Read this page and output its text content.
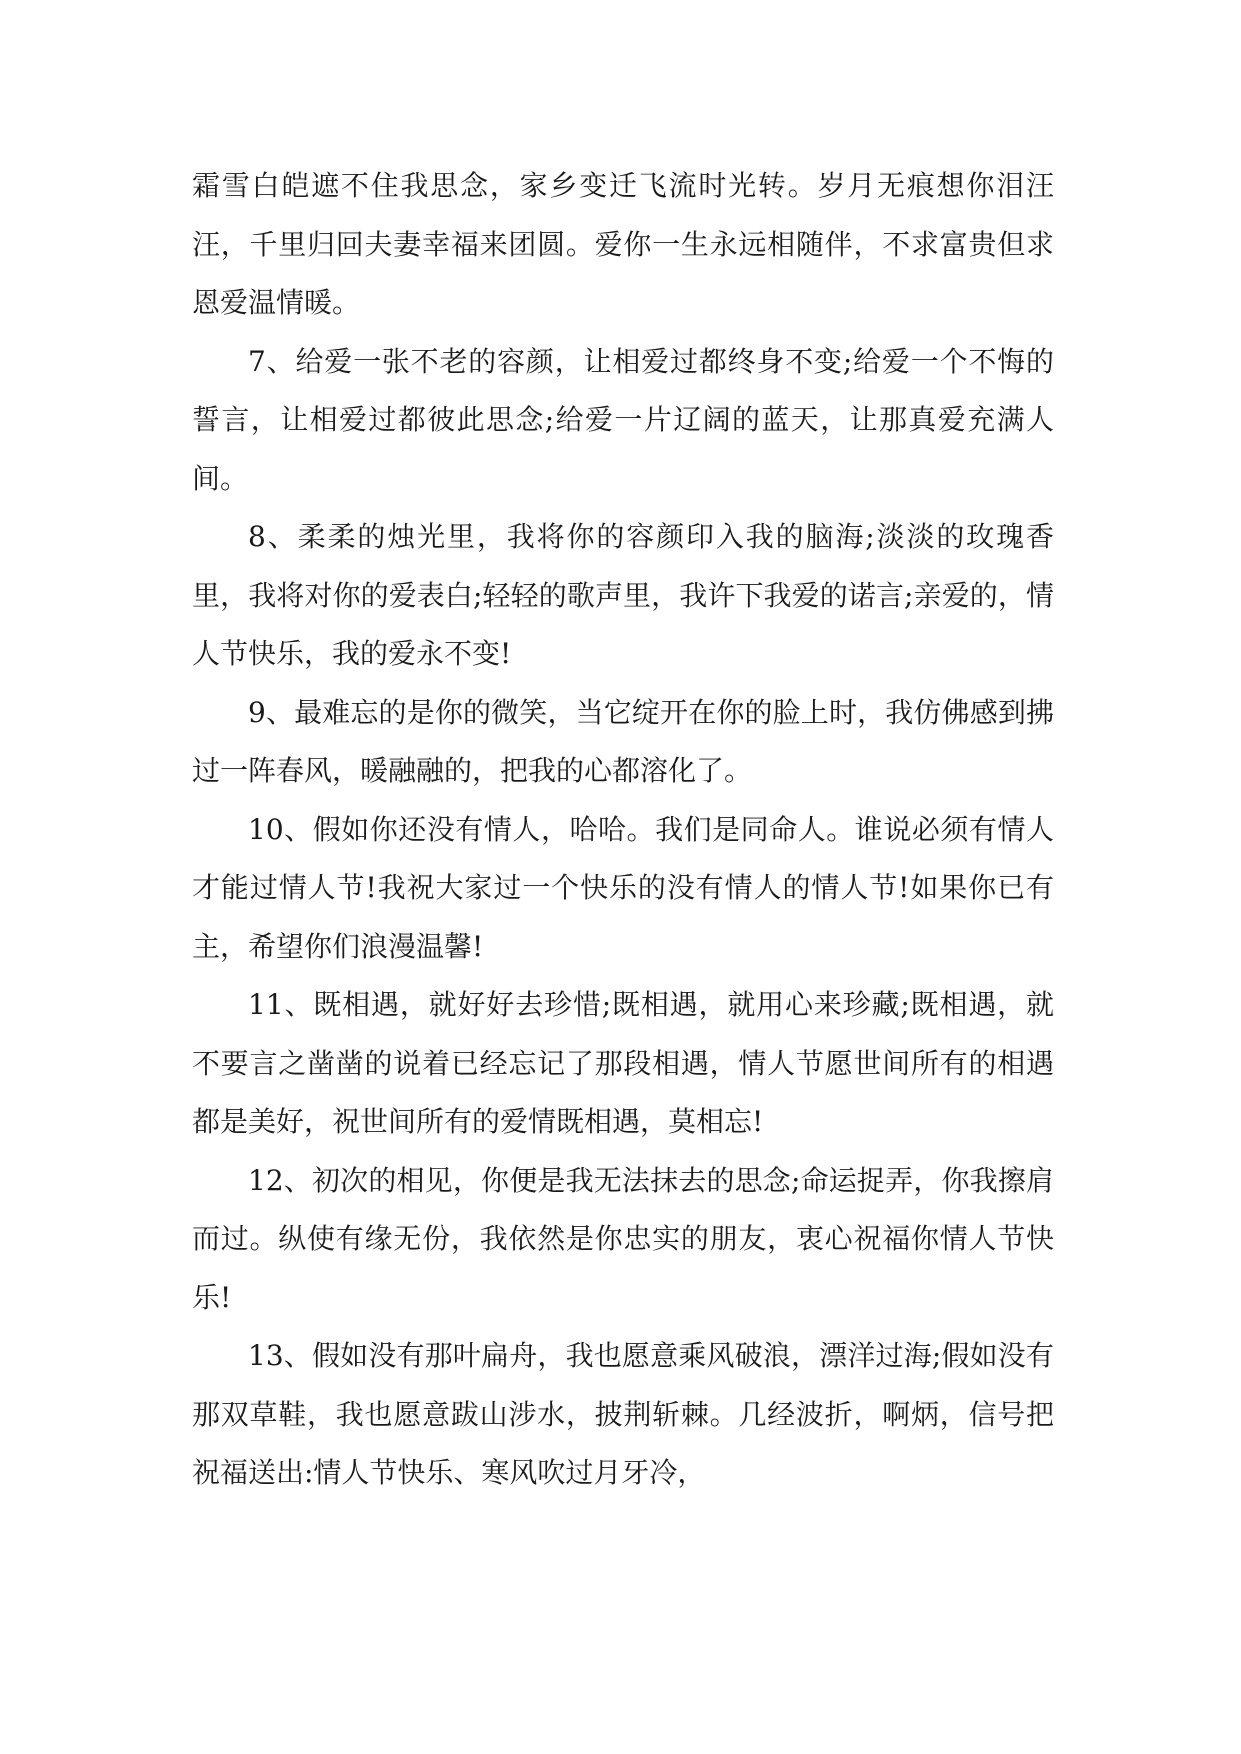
霜雪白皑遮不住我思念，家乡变迁飞流时光转。岁月无痕想你泪汪汪，千里归回夫妻幸福来团圆。爱你一生永远相随伴，不求富贵但求恩爱温情暖。

7、给爱一张不老的容颜，让相爱过都终身不变;给爱一个不悔的誓言，让相爱过都彼此思念;给爱一片辽阔的蓝天，让那真爱充满人间。

8、柔柔的烛光里，我将你的容颜印入我的脑海;淡淡的玫瑰香里，我将对你的爱表白;轻轻的歌声里，我许下我爱的诺言;亲爱的，情人节快乐，我的爱永不变!

9、最难忘的是你的微笑，当它绽开在你的脸上时，我仿佛感到拂过一阵春风，暖融融的，把我的心都溶化了。

10、假如你还没有情人，哈哈。我们是同命人。谁说必须有情人才能过情人节!我祝大家过一个快乐的没有情人的情人节!如果你已有主，希望你们浪漫温馨!

11、既相遇，就好好去珍惜;既相遇，就用心来珍藏;既相遇，就不要言之凿凿的说着已经忘记了那段相遇，情人节愿世间所有的相遇都是美好，祝世间所有的爱情既相遇，莫相忘!

12、初次的相见，你便是我无法抹去的思念;命运捉弄，你我擦肩而过。纵使有缘无份，我依然是你忠实的朋友，衷心祝福你情人节快乐!

13、假如没有那叶扁舟，我也愿意乘风破浪，漂洋过海;假如没有那双草鞋，我也愿意跋山涉水，披荆斩棘。几经波折，啊炳，信号把祝福送出:情人节快乐、寒风吹过月牙冷，
